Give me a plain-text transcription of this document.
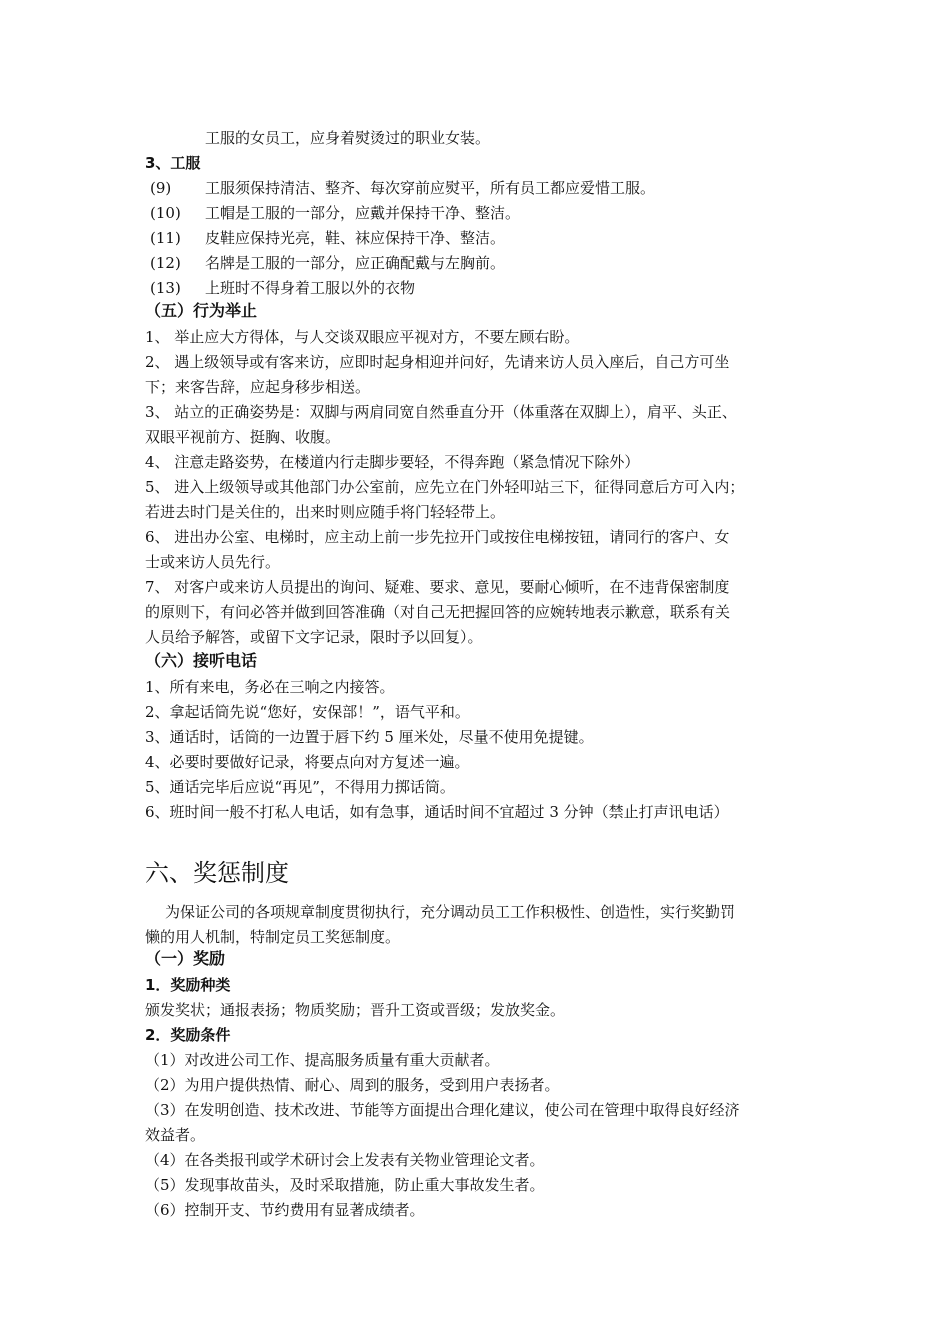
工服的女员工，应身着熨烫过的职业女装。
3、工服
(9) 工服须保持清洁、整齐、每次穿前应熨平，所有员工都应爱惜工服。
(10) 工帽是工服的一部分，应戴并保持干净、整洁。
(11) 皮鞋应保持光亮，鞋、袜应保持干净、整洁。
(12) 名牌是工服的一部分，应正确配戴与左胸前。
(13) 上班时不得身着工服以外的衣物
（五）行为举止
1、 举止应大方得体，与人交谈双眼应平视对方，不要左顾右盼。
2、 遇上级领导或有客来访，应即时起身相迎并问好，先请来访人员入座后，自己方可坐
下；来客告辞，应起身移步相送。
3、 站立的正确姿势是：双脚与两肩同宽自然垂直分开（体重落在双脚上），肩平、头正、
双眼平视前方、挺胸、收腹。
4、 注意走路姿势，在楼道内行走脚步要轻，不得奔跑（紧急情况下除外）
5、 进入上级领导或其他部门办公室前，应先立在门外轻叩站三下，征得同意后方可入内；
若进去时门是关住的，出来时则应随手将门轻轻带上。
6、 进出办公室、电梯时，应主动上前一步先拉开门或按住电梯按钮，请同行的客户、女
士或来访人员先行。
7、 对客户或来访人员提出的询问、疑难、要求、意见，要耐心倾听，在不违背保密制度
的原则下，有问必答并做到回答准确（对自己无把握回答的应婉转地表示歉意，联系有关
人员给予解答，或留下文字记录，限时予以回复）。
（六）接听电话
1、所有来电，务必在三响之内接答。
2、拿起话筒先说“您好，安保部！”，语气平和。
3、通话时，话筒的一边置于唇下约 5 厘米处，尽量不使用免提键。
4、必要时要做好记录，将要点向对方复述一遍。
5、通话完毕后应说“再见”，不得用力掷话筒。
6、班时间一般不打私人电话，如有急事，通话时间不宜超过 3 分钟（禁止打声讯电话）
六、奖惩制度
为保证公司的各项规章制度贯彻执行，充分调动员工工作积极性、创造性，实行奖勤罚
懒的用人机制，特制定员工奖惩制度。
（一）奖励
1．奖励种类
颁发奖状；通报表扬；物质奖励；晋升工资或晋级；发放奖金。
2．奖励条件
（1）对改进公司工作、提高服务质量有重大贡献者。
（2）为用户提供热情、耐心、周到的服务，受到用户表扬者。
（3）在发明创造、技术改进、节能等方面提出合理化建议，使公司在管理中取得良好经济
效益者。
（4）在各类报刊或学术研讨会上发表有关物业管理论文者。
（5）发现事故苗头，及时采取措施，防止重大事故发生者。
（6）控制开支、节约费用有显著成绩者。
